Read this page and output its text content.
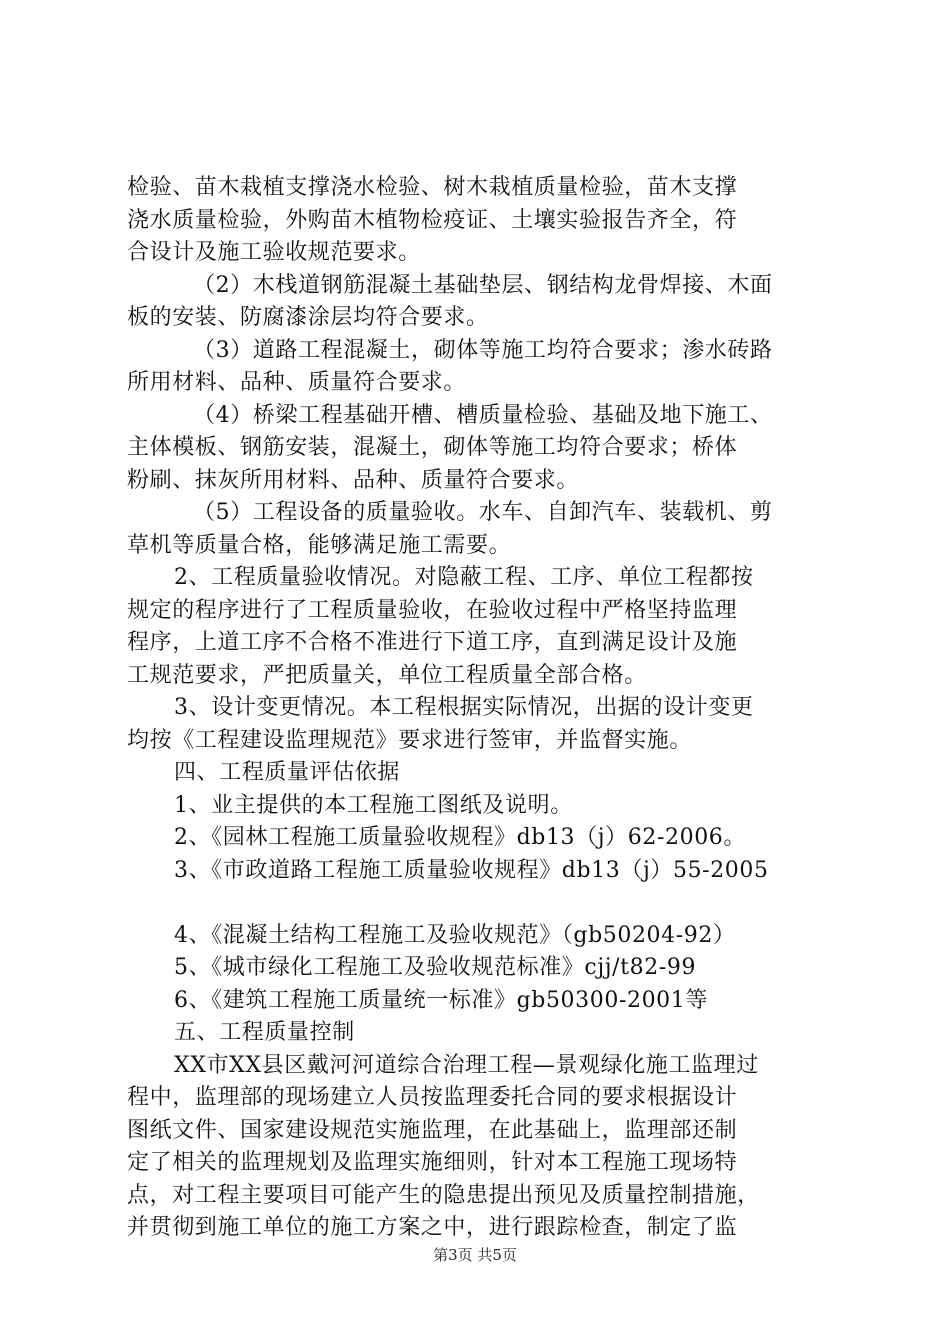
检验、苗木栽植支撑浇水检验、树木栽植质量检验，苗木支撑
浇水质量检验，外购苗木植物检疫证、土壤实验报告齐全，符
合设计及施工验收规范要求。
（2）木栈道钢筋混凝土基础垫层、钢结构龙骨焊接、木面
板的安装、防腐漆涂层均符合要求。
（3）道路工程混凝土，砌体等施工均符合要求；渗水砖路
所用材料、品种、质量符合要求。
（4）桥梁工程基础开槽、槽质量检验、基础及地下施工、
主体模板、钢筋安装，混凝土，砌体等施工均符合要求；桥体
粉刷、抹灰所用材料、品种、质量符合要求。
（5）工程设备的质量验收。水车、自卸汽车、装载机、剪
草机等质量合格，能够满足施工需要。
2、工程质量验收情况。对隐蔽工程、工序、单位工程都按
规定的程序进行了工程质量验收，在验收过程中严格坚持监理
程序，上道工序不合格不准进行下道工序，直到满足设计及施
工规范要求，严把质量关，单位工程质量全部合格。
3、设计变更情况。本工程根据实际情况，出据的设计变更
均按《工程建设监理规范》要求进行签审，并监督实施。
四、工程质量评估依据
1、业主提供的本工程施工图纸及说明。
2、《园林工程施工质量验收规程》db13（j）62-2006。
3、《市政道路工程施工质量验收规程》db13（j）55-2005
4、《混凝土结构工程施工及验收规范》（gb50204-92）
5、《城市绿化工程施工及验收规范标准》cjj/t82-99
6、《建筑工程施工质量统一标准》gb50300-2001等
五、工程质量控制
XX市XX县区戴河河道综合治理工程—景观绿化施工监理过
程中，监理部的现场建立人员按监理委托合同的要求根据设计
图纸文件、国家建设规范实施监理，在此基础上，监理部还制
定了相关的监理规划及监理实施细则，针对本工程施工现场特
点，对工程主要项目可能产生的隐患提出预见及质量控制措施，
并贯彻到施工单位的施工方案之中，进行跟踪检查，制定了监
第3页 共5页
